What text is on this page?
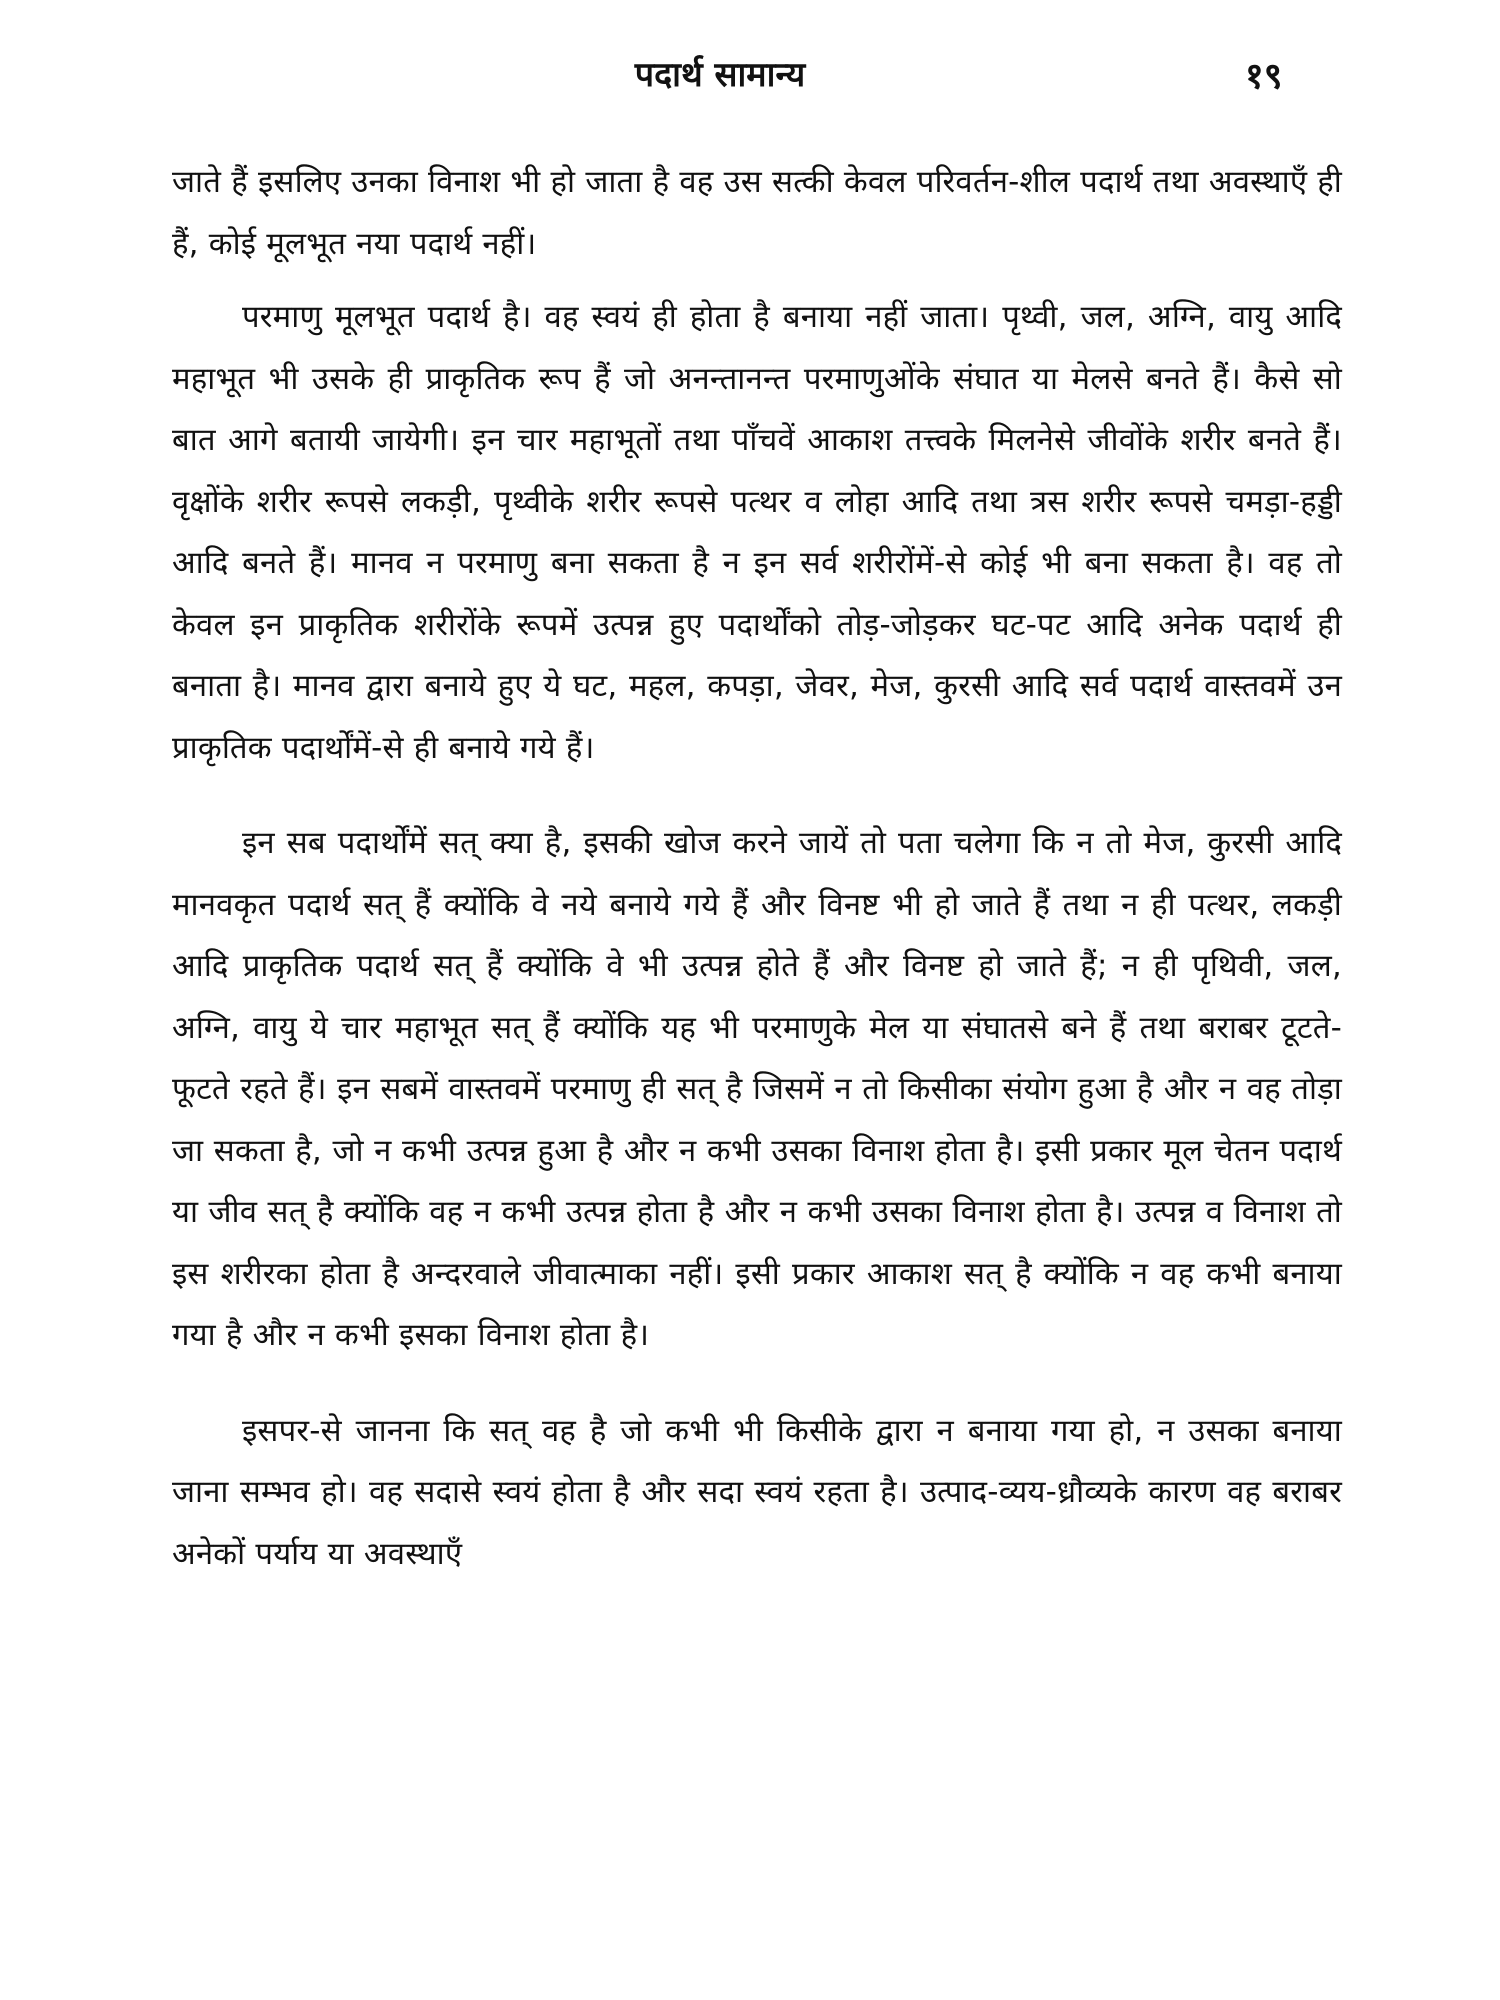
पदार्थ सामान्य	१९

जाते हैं इसलिए उनका विनाश भी हो जाता है वह उस सत्की केवल परिवर्तन-शील पदार्थ तथा अवस्थाएँ ही हैं, कोई मूलभूत नया पदार्थ नहीं।

परमाणु मूलभूत पदार्थ है। वह स्वयं ही होता है बनाया नहीं जाता। पृथ्वी, जल, अग्नि, वायु आदि महाभूत भी उसके ही प्राकृतिक रूप हैं जो अनन्तानन्त परमाणुओंके संघात या मेलसे बनते हैं। कैसे सो बात आगे बतायी जायेगी। इन चार महाभूतों तथा पाँचवें आकाश तत्त्वके मिलनेसे जीवोंके शरीर बनते हैं। वृक्षोंके शरीर रूपसे लकड़ी, पृथ्वीके शरीर रूपसे पत्थर व लोहा आदि तथा त्रस शरीर रूपसे चमड़ा-हड्डी आदि बनते हैं। मानव न परमाणु बना सकता है न इन सर्व शरीरोंमें-से कोई भी बना सकता है। वह तो केवल इन प्राकृतिक शरीरोंके रूपमें उत्पन्न हुए पदार्थोंको तोड़-जोड़कर घट-पट आदि अनेक पदार्थ ही बनाता है। मानव द्वारा बनाये हुए ये घट, महल, कपड़ा, जेवर, मेज, कुरसी आदि सर्व पदार्थ वास्तवमें उन प्राकृतिक पदार्थोंमें-से ही बनाये गये हैं।

इन सब पदार्थोंमें सत् क्या है, इसकी खोज करने जायें तो पता चलेगा कि न तो मेज, कुरसी आदि मानवकृत पदार्थ सत् हैं क्योंकि वे नये बनाये गये हैं और विनष्ट भी हो जाते हैं तथा न ही पत्थर, लकड़ी आदि प्राकृतिक पदार्थ सत् हैं क्योंकि वे भी उत्पन्न होते हैं और विनष्ट हो जाते हैं; न ही पृथिवी, जल, अग्नि, वायु ये चार महाभूत सत् हैं क्योंकि यह भी परमाणुके मेल या संघातसे बने हैं तथा बराबर टूटते-फूटते रहते हैं। इन सबमें वास्तवमें परमाणु ही सत् है जिसमें न तो किसीका संयोग हुआ है और न वह तोड़ा जा सकता है, जो न कभी उत्पन्न हुआ है और न कभी उसका विनाश होता है। इसी प्रकार मूल चेतन पदार्थ या जीव सत् है क्योंकि वह न कभी उत्पन्न होता है और न कभी उसका विनाश होता है। उत्पन्न व विनाश तो इस शरीरका होता है अन्दरवाले जीवात्माका नहीं। इसी प्रकार आकाश सत् है क्योंकि न वह कभी बनाया गया है और न कभी इसका विनाश होता है।

इसपर-से जानना कि सत् वह है जो कभी भी किसीके द्वारा न बनाया गया हो, न उसका बनाया जाना सम्भव हो। वह सदासे स्वयं होता है और सदा स्वयं रहता है। उत्पाद-व्यय-ध्रौव्यके कारण वह बराबर अनेकों पर्याय या अवस्थाएँ
